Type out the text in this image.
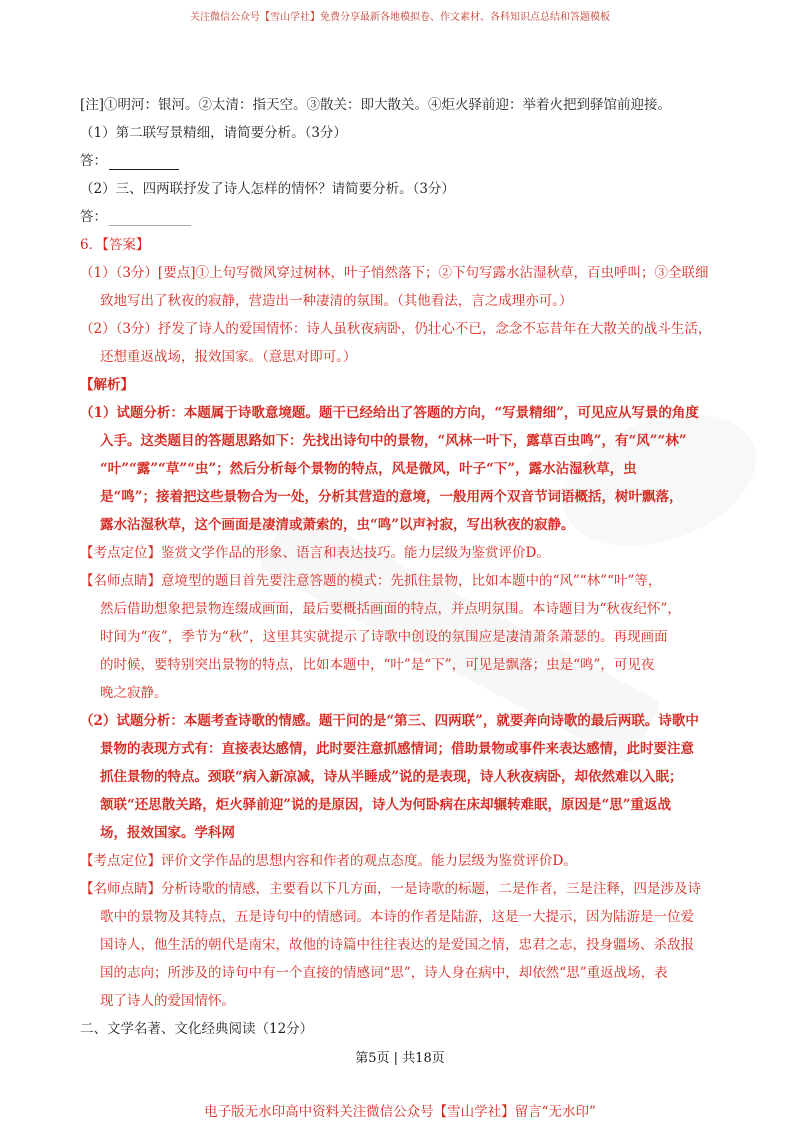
关注微信公众号【雪山学社】免费分享最新各地模拟卷、作文素材、各科知识点总结和答题模板
[注]①明河：银河。②太清：指天空。③散关：即大散关。④炬火驿前迎：举着火把到驿馆前迎接。
（1）第二联写景精细，请简要分析。（3分）
答：
（2）三、四两联抒发了诗人怎样的情怀？请简要分析。（3分）
答：
6．【答案】
（1）（3分）[要点]①上句写微风穿过树林，叶子悄然落下；②下句写露水沾湿秋草，百虫呼叫；③全联细
致地写出了秋夜的寂静，营造出一种凄清的氛围。（其他看法，言之成理亦可。）
（2）（3分）抒发了诗人的爱国情怀：诗人虽秋夜病卧，仍壮心不已，念念不忘昔年在大散关的战斗生活，
还想重返战场，报效国家。（意思对即可。）
【解析】
（1）试题分析：本题属于诗歌意境题。题干已经给出了答题的方向，“写景精细”，可见应从写景的角度
入手。这类题目的答题思路如下：先找出诗句中的景物，“风林一叶下，露草百虫鸣”，有“风”“林”
“叶”“露”“草”“虫”；然后分析每个景物的特点，风是微风，叶子“下”，露水沾湿秋草，虫
是“鸣”；接着把这些景物合为一处，分析其营造的意境，一般用两个双音节词语概括，树叶飘落，
露水沾湿秋草，这个画面是凄清或萧索的，虫“鸣”以声衬寂，写出秋夜的寂静。
【考点定位】鉴赏文学作品的形象、语言和表达技巧。能力层级为鉴赏评价D。
【名师点睛】意境型的题目首先要注意答题的模式：先抓住景物，比如本题中的“风”“林”“叶”等，
然后借助想象把景物连缀成画面，最后要概括画面的特点，并点明氛围。本诗题目为“秋夜纪怀”，
时间为“夜”，季节为“秋”，这里其实就提示了诗歌中创设的氛围应是凄清萧条萧瑟的。再现画面
的时候，要特别突出景物的特点，比如本题中，“叶”是“下”，可见是飘落；虫是“鸣”，可见夜
晚之寂静。
（2）试题分析：本题考查诗歌的情感。题干问的是“第三、四两联”，就要奔向诗歌的最后两联。诗歌中
景物的表现方式有：直接表达感情，此时要注意抓感情词；借助景物或事件来表达感情，此时要注意
抓住景物的特点。颈联“病入新凉减，诗从半睡成”说的是表现，诗人秋夜病卧，却依然难以入眠；
颔联“还思散关路，炬火驿前迎”说的是原因，诗人为何卧病在床却辗转难眠，原因是“思”重返战
场，报效国家。学科网
【考点定位】评价文学作品的思想内容和作者的观点态度。能力层级为鉴赏评价D。
【名师点睛】分析诗歌的情感，主要看以下几方面，一是诗歌的标题，二是作者，三是注释，四是涉及诗
歌中的景物及其特点，五是诗句中的情感词。本诗的作者是陆游，这是一大提示，因为陆游是一位爱
国诗人，他生活的朝代是南宋，故他的诗篇中往往表达的是爱国之情，忠君之志，投身疆场、杀敌报
国的志向；所涉及的诗句中有一个直接的情感词“思”，诗人身在病中，却依然“思”重返战场，表
现了诗人的爱国情怀。
二、文学名著、文化经典阅读（12分）
第5页 | 共18页
电子版无水印高中资料关注微信公众号【雪山学社】留言“无水印”
